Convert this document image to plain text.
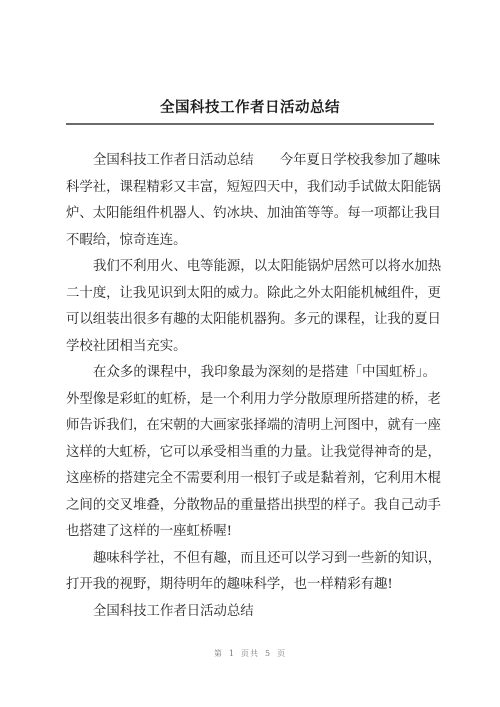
全国科技工作者日活动总结

全国科技工作者日活动总结 今年夏日学校我参加了趣味
科学社，课程精彩又丰富，短短四天中，我们动手试做太阳能锅
炉、太阳能组件机器人、钓冰块、加油笛等等。每一项都让我目
不暇给，惊奇连连。

我们不利用火、电等能源，以太阳能锅炉居然可以将水加热
二十度，让我见识到太阳的威力。除此之外太阳能机械组件，更
可以组装出很多有趣的太阳能机器狗。多元的课程，让我的夏日
学校社团相当充实。

在众多的课程中，我印象最为深刻的是搭建「中国虹桥」。
外型像是彩虹的虹桥，是一个利用力学分散原理所搭建的桥，老
师告诉我们，在宋朝的大画家张择端的清明上河图中，就有一座
这样的大虹桥，它可以承受相当重的力量。让我觉得神奇的是，
这座桥的搭建完全不需要利用一根钉子或是黏着剂，它利用木棍
之间的交叉堆叠，分散物品的重量搭出拱型的样子。我自己动手
也搭建了这样的一座虹桥喔!

趣味科学社，不但有趣，而且还可以学习到一些新的知识，
打开我的视野，期待明年的趣味科学，也一样精彩有趣!

全国科技工作者日活动总结

第 1 页共 5 页
